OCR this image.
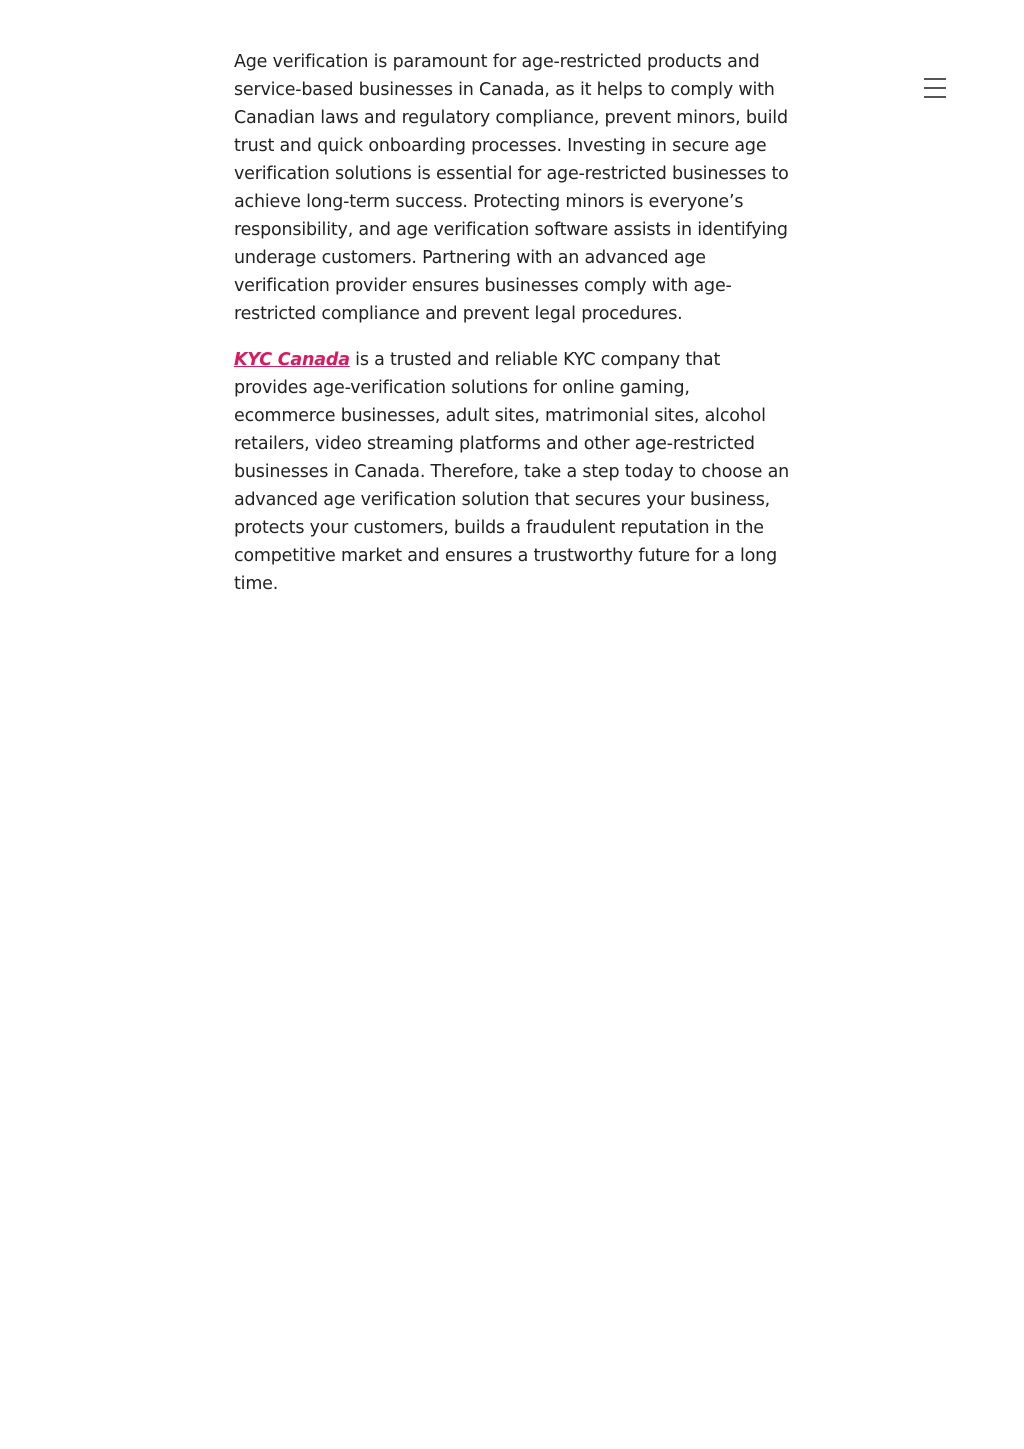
Age verification is paramount for age-restricted products and service-based businesses in Canada, as it helps to comply with Canadian laws and regulatory compliance, prevent minors, build trust and quick onboarding processes. Investing in secure age verification solutions is essential for age-restricted businesses to achieve long-term success. Protecting minors is everyone’s responsibility, and age verification software assists in identifying underage customers. Partnering with an advanced age verification provider ensures businesses comply with age-restricted compliance and prevent legal procedures.

KYC Canada is a trusted and reliable KYC company that provides age-verification solutions for online gaming, ecommerce businesses, adult sites, matrimonial sites, alcohol retailers, video streaming platforms and other age-restricted businesses in Canada. Therefore, take a step today to choose an advanced age verification solution that secures your business, protects your customers, builds a fraudulent reputation in the competitive market and ensures a trustworthy future for a long time.
